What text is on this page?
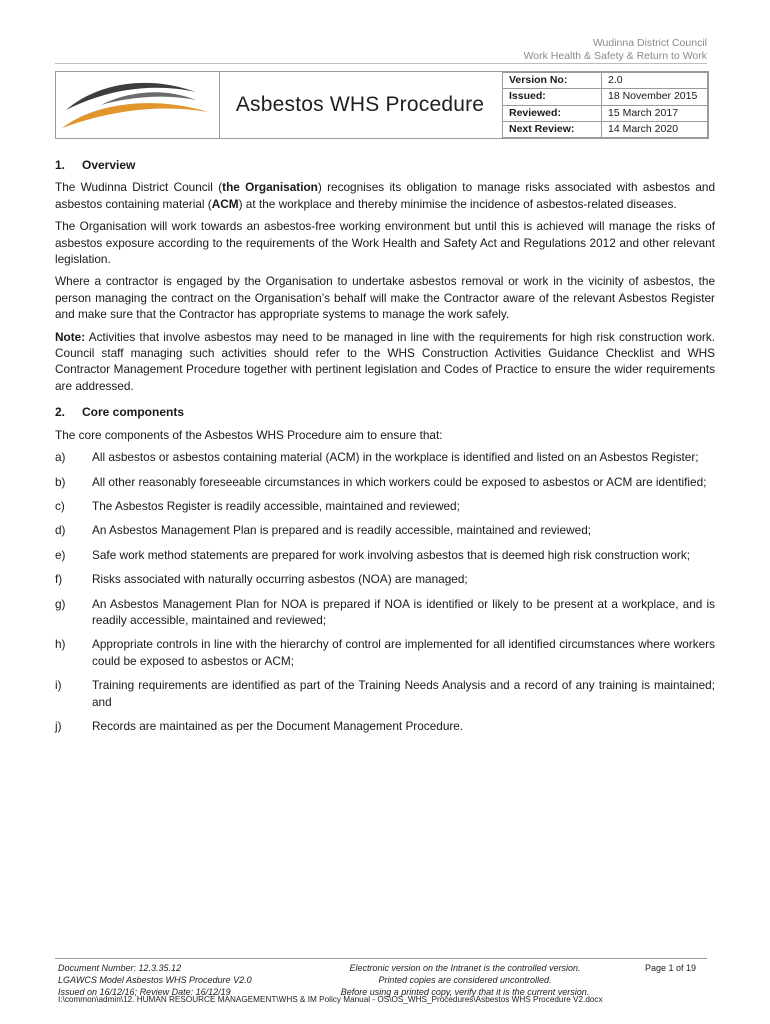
Wudinna District Council
Work Health & Safety & Return to Work
Asbestos WHS Procedure
Version No:	2.0
Issued:	18 November 2015
Reviewed:	15 March 2017
Next Review:	14 March 2020
1. Overview

The Wudinna District Council (the Organisation) recognises its obligation to manage risks associated with asbestos and asbestos containing material (ACM) at the workplace and thereby minimise the incidence of asbestos-related diseases.

The Organisation will work towards an asbestos-free working environment but until this is achieved will manage the risks of asbestos exposure according to the requirements of the Work Health and Safety Act and Regulations 2012 and other relevant legislation.

Where a contractor is engaged by the Organisation to undertake asbestos removal or work in the vicinity of asbestos, the person managing the contract on the Organisation’s behalf will make the Contractor aware of the relevant Asbestos Register and make sure that the Contractor has appropriate systems to manage the work safely.

Note: Activities that involve asbestos may need to be managed in line with the requirements for high risk construction work. Council staff managing such activities should refer to the WHS Construction Activities Guidance Checklist and WHS Contractor Management Procedure together with pertinent legislation and Codes of Practice to ensure the wider requirements are addressed.

2. Core components

The core components of the Asbestos WHS Procedure aim to ensure that:

a) All asbestos or asbestos containing material (ACM) in the workplace is identified and listed on an Asbestos Register;
b) All other reasonably foreseeable circumstances in which workers could be exposed to asbestos or ACM are identified;
c) The Asbestos Register is readily accessible, maintained and reviewed;
d) An Asbestos Management Plan is prepared and is readily accessible, maintained and reviewed;
e) Safe work method statements are prepared for work involving asbestos that is deemed high risk construction work;
f)	Risks associated with naturally occurring asbestos (NOA) are managed;
g) An Asbestos Management Plan for NOA is prepared if NOA is identified or likely to be present at a workplace, and is readily accessible, maintained and reviewed;
h) Appropriate controls in line with the hierarchy of control are implemented for all identified circumstances where workers could be exposed to asbestos or ACM;
i)	Training requirements are identified as part of the Training Needs Analysis and a record of any training is maintained; and
j)	Records are maintained as per the Document Management Procedure.
Document Number: 12.3.35.12
LGAWCS Model Asbestos WHS Procedure V2.0
Issued on 16/12/16; Review Date: 16/12/19
Electronic version on the Intranet is the controlled version.
Printed copies are considered uncontrolled.
Before using a printed copy, verify that it is the current version.
Page 1 of 19
I:\common\admin\12. HUMAN RESOURCE MANAGEMENT\WHS & IM Policy Manual - OS\OS_WHS_Procedures\Asbestos WHS Procedure V2.docx
